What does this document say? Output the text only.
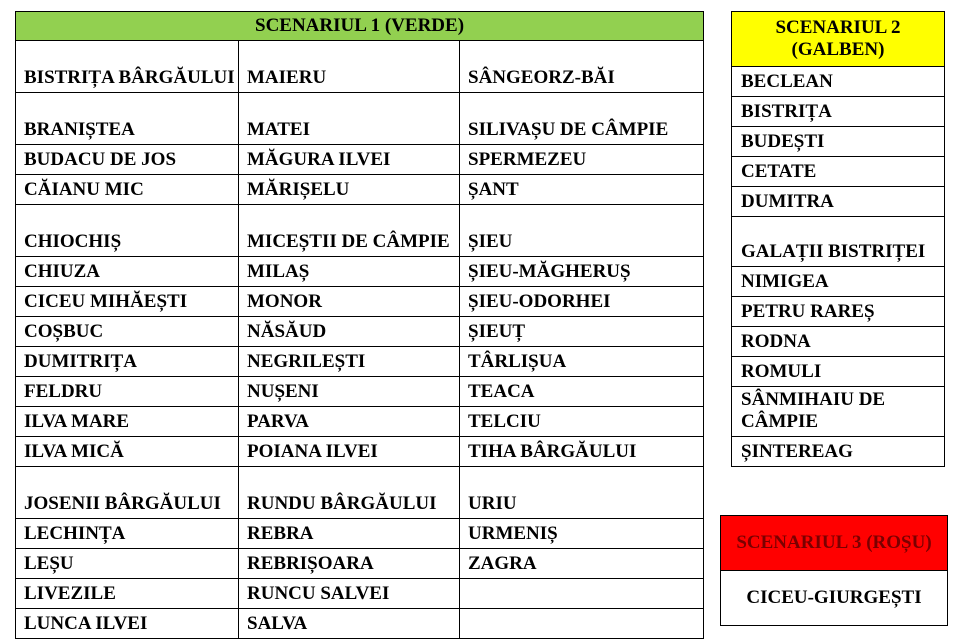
SCENARIUL 1 (VERDE)		
BISTRIȚA BÂRGĂULUI	MAIERU	SÂNGEORZ-BĂI
BRANIȘTEA	MATEI	SILIVAȘU DE CÂMPIE
BUDACU DE JOS	MĂGURA ILVEI	SPERMEZEU
CĂIANU MIC	MĂRIȘELU	ȘANT
CHIOCHIȘ	MICEȘTII DE CÂMPIE	ȘIEU
CHIUZA	MILAȘ	ȘIEU-MĂGHERUȘ
CICEU MIHĂEȘTI	MONOR	ȘIEU-ODORHEI
COȘBUC	NĂSĂUD	ȘIEUȚ
DUMITRIȚA	NEGRILEȘTI	TÂRLIȘUA
FELDRU	NUȘENI	TEACA
ILVA MARE	PARVA	TELCIU
ILVA MICĂ	POIANA ILVEI	TIHA BÂRGĂULUI
JOSENII BÂRGĂULUI	RUNDU BÂRGĂULUI	URIU
LECHINȚA	REBRA	URMENIȘ
LEȘU	REBRIȘOARA	ZAGRA
LIVEZILE	RUNCU SALVEI	
LUNCA ILVEI	SALVA	
SCENARIUL 2 (GALBEN)
BECLEAN
BISTRIȚA
BUDEȘTI
CETATE
DUMITRA
GALAȚII BISTRIȚEI
NIMIGEA
PETRU RAREȘ
RODNA
ROMULI
SÂNMIHAIU DE CÂMPIE
ȘINTEREAG
SCENARIUL 3 (ROȘU)
CICEU-GIURGEȘTI
